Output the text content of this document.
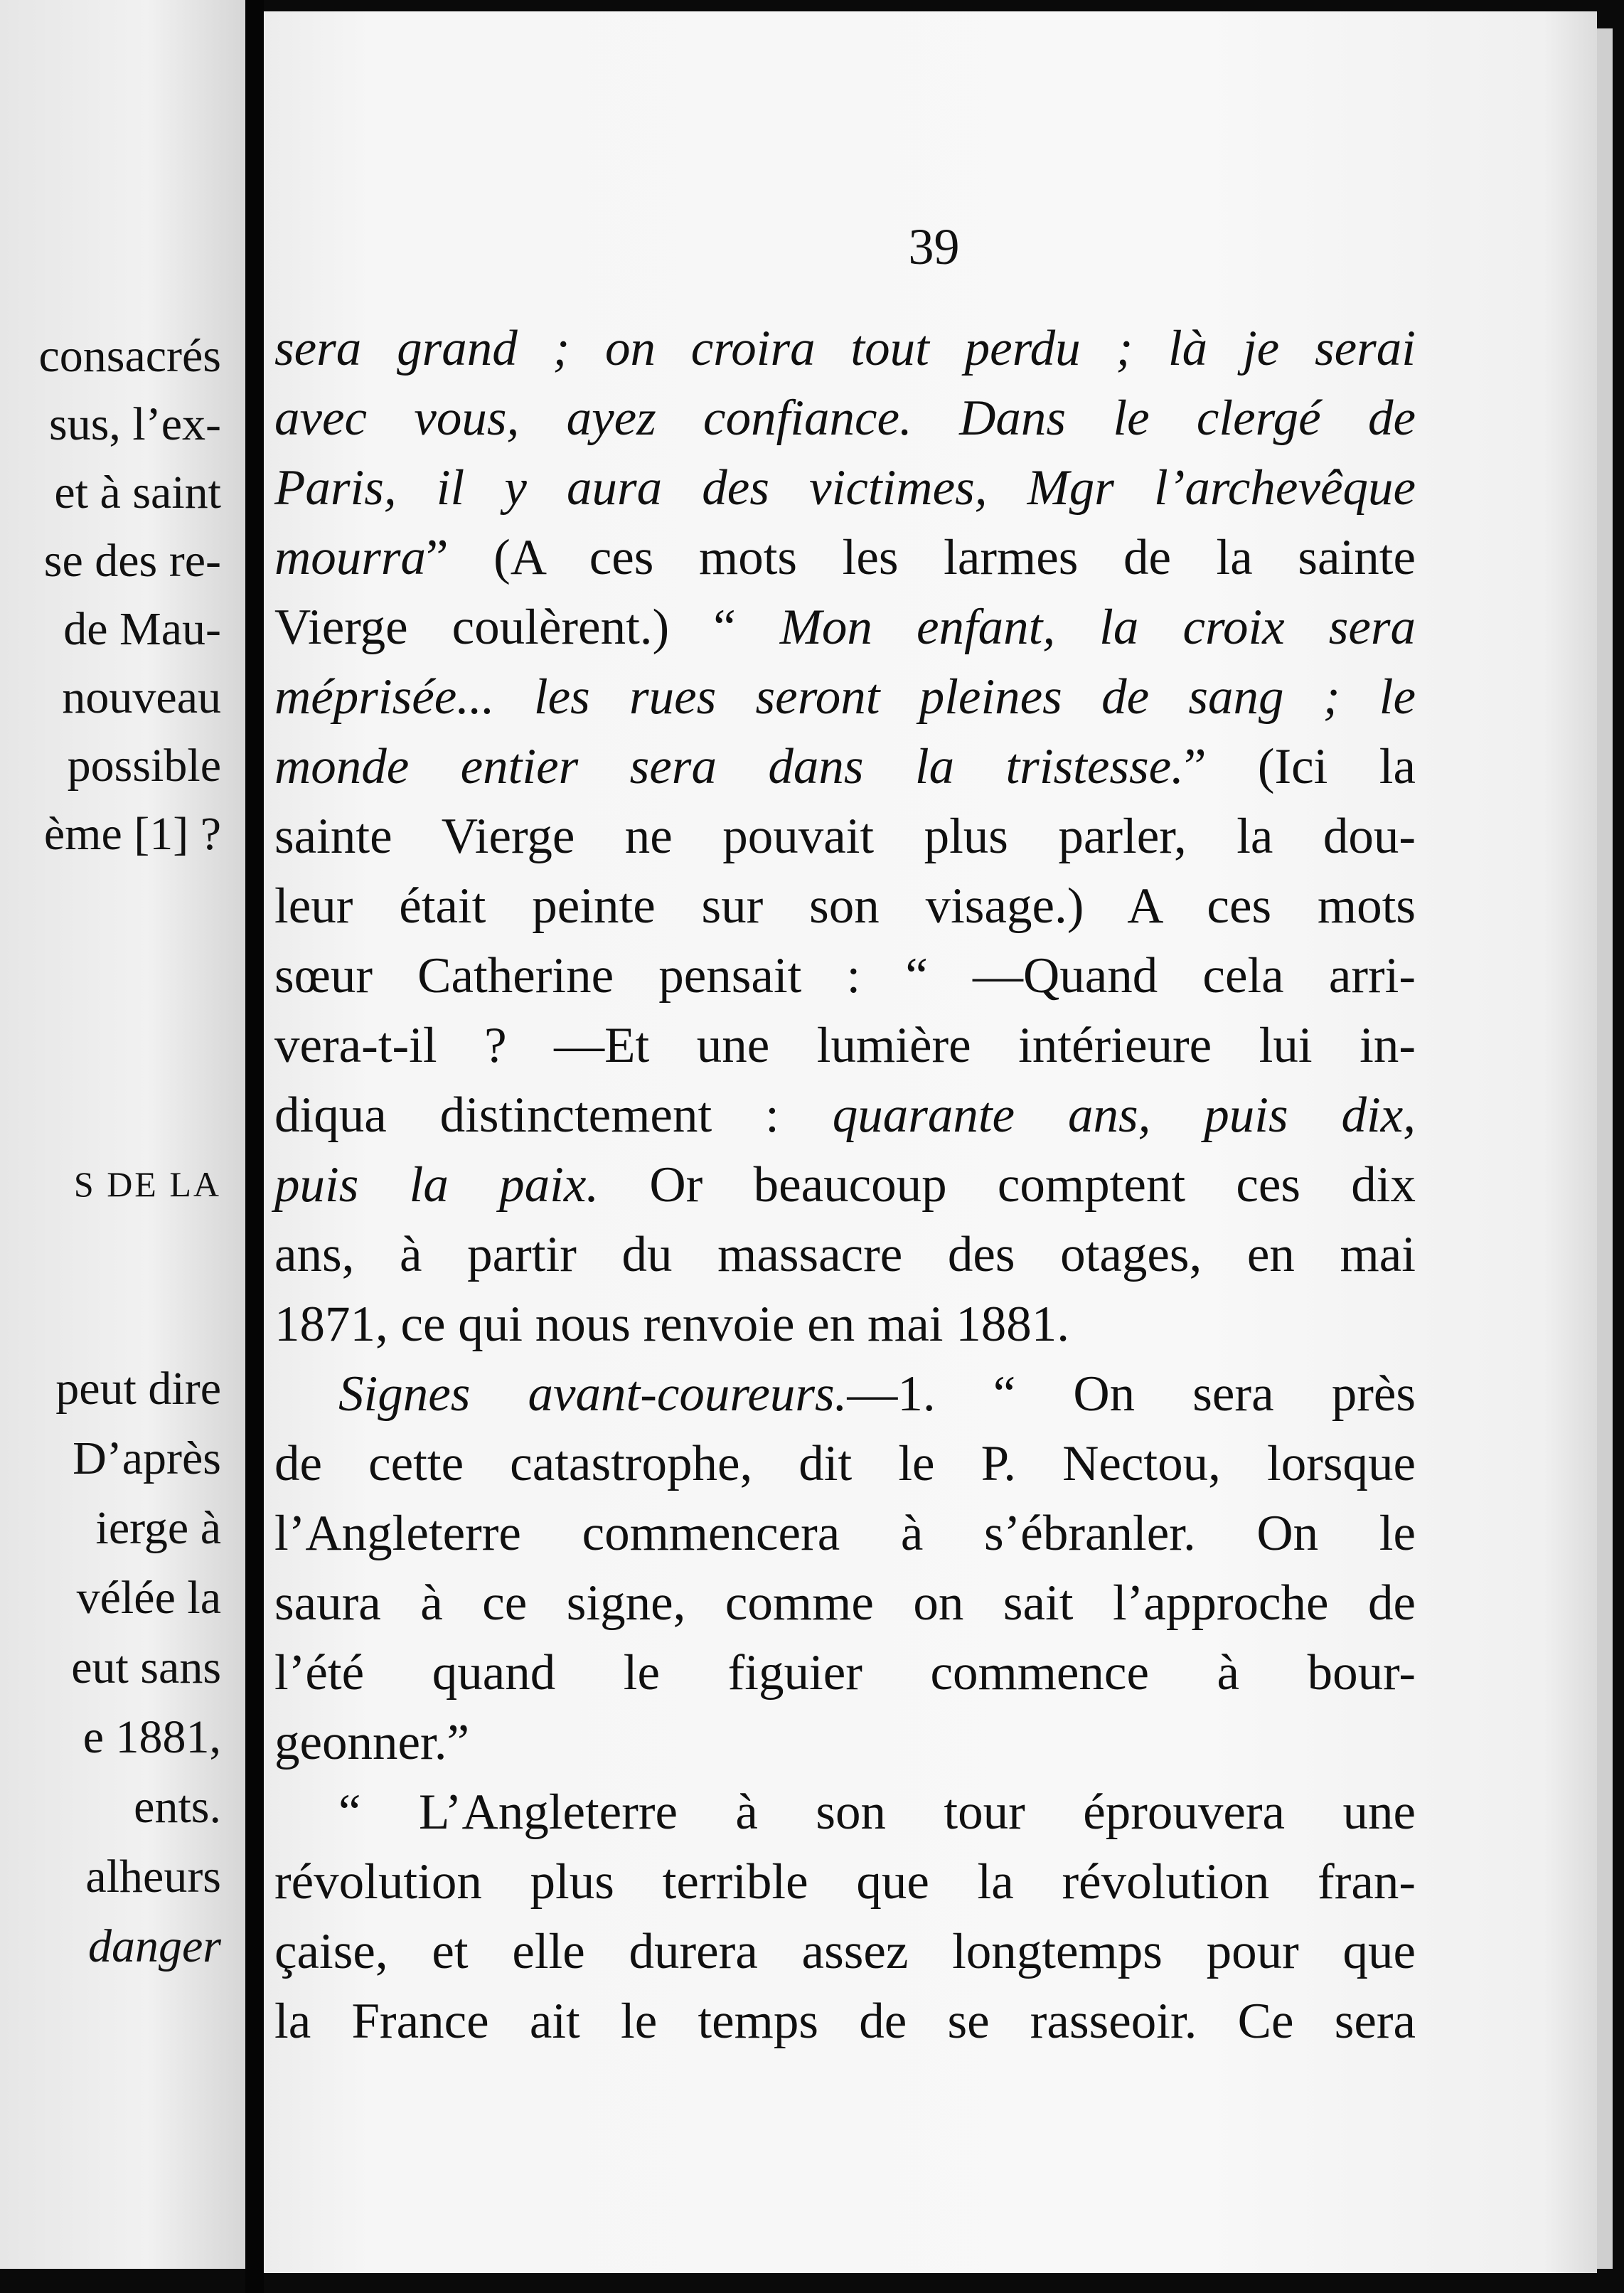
consacrés
sus, l’ex-
et à saint
se des re-
de Mau-
nouveau
possible
ème [1] ?
S DE LA
peut dire
D’après
ierge à
vélée la
eut sans
e 1881,
ents.
alheurs
danger
39
sera grand ; on croira tout perdu ; là je serai
avec vous, ayez confiance. Dans le clergé de
Paris, il y aura des victimes, Mgr l’archevêque
mourra” (A ces mots les larmes de la sainte
Vierge coulèrent.) “ Mon enfant, la croix sera
méprisée... les rues seront pleines de sang ; le
monde entier sera dans la tristesse.” (Ici la
sainte Vierge ne pouvait plus parler, la dou-
leur était peinte sur son visage.) A ces mots
sœur Catherine pensait : “ —Quand cela arri-
vera-t-il ? —Et une lumière intérieure lui in-
diqua distinctement : quarante ans, puis dix,
puis la paix. Or beaucoup comptent ces dix
ans, à partir du massacre des otages, en mai
1871, ce qui nous renvoie en mai 1881.
Signes avant-coureurs.—1. “ On sera près
de cette catastrophe, dit le P. Nectou, lorsque
l’Angleterre commencera à s’ébranler. On le
saura à ce signe, comme on sait l’approche de
l’été quand le figuier commence à bour-
geonner.”
“ L’Angleterre à son tour éprouvera une
révolution plus terrible que la révolution fran-
çaise, et elle durera assez longtemps pour que
la France ait le temps de se rasseoir. Ce sera
